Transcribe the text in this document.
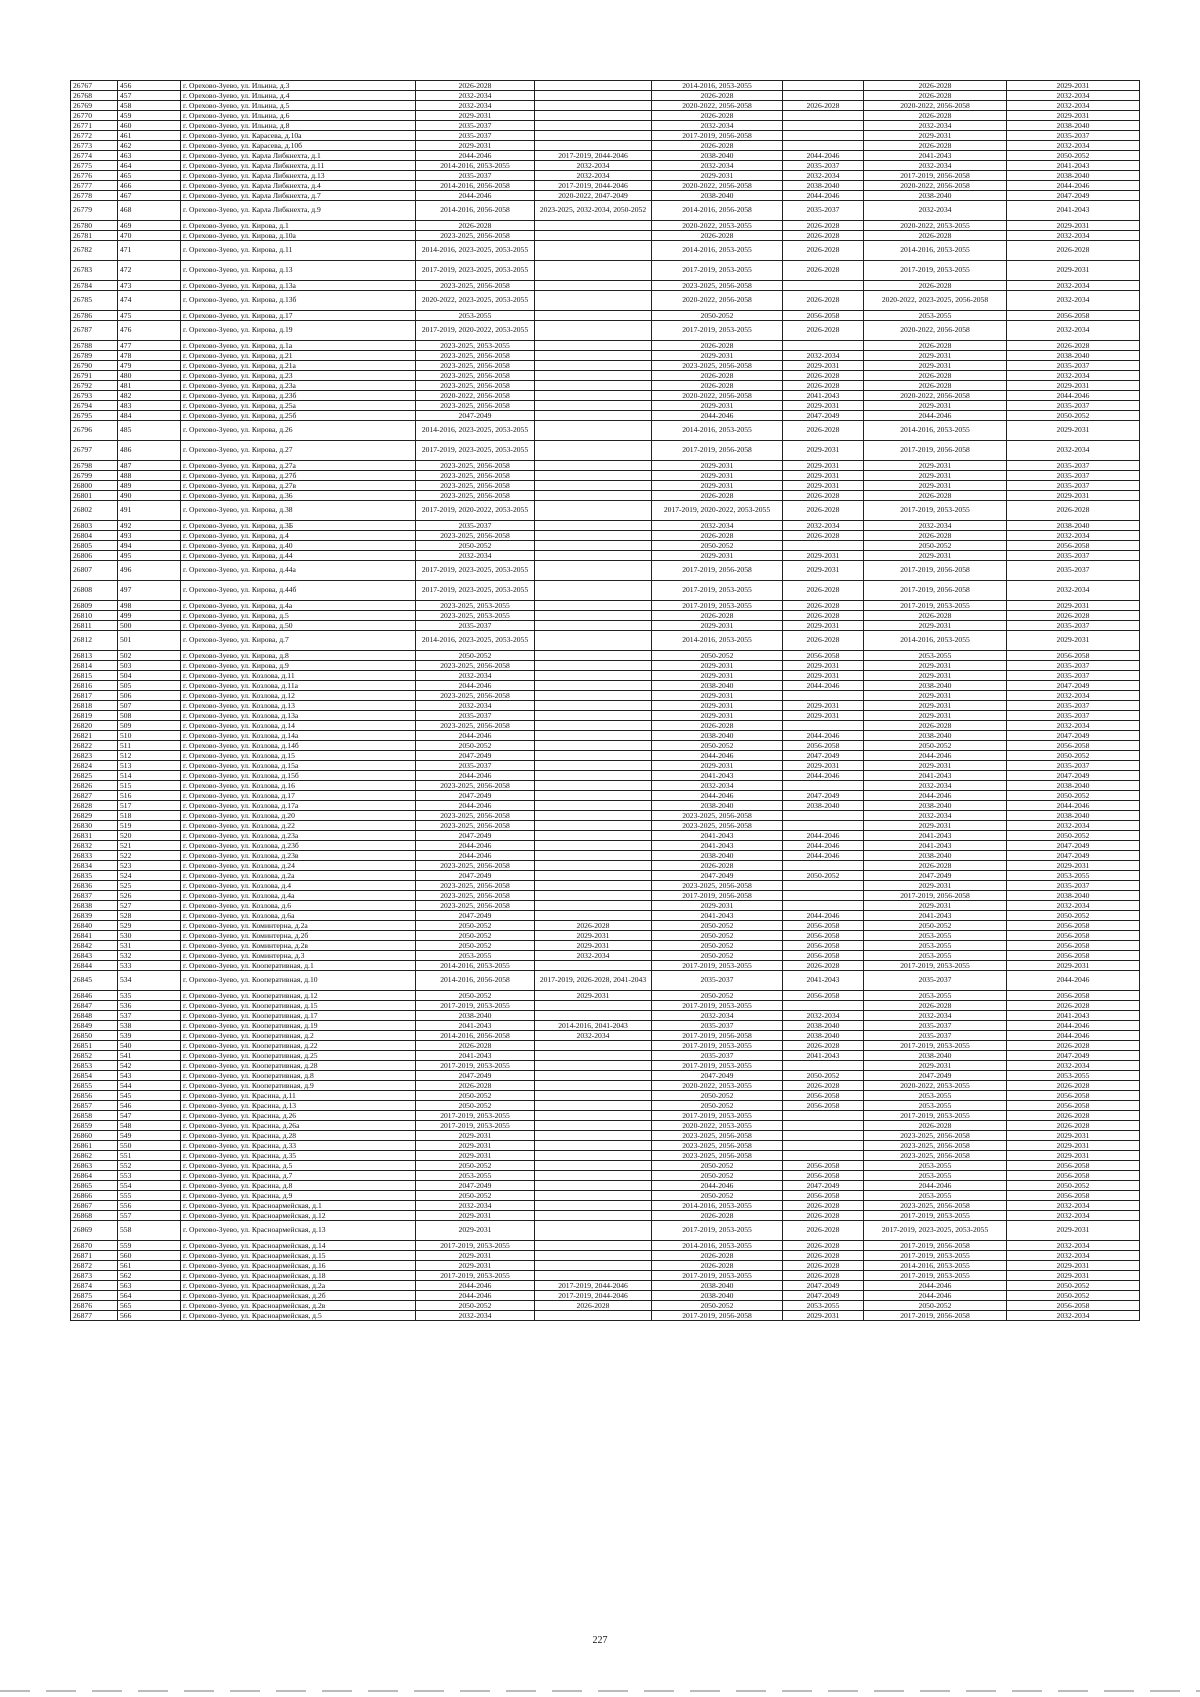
26767	456	г. Орехово-Зуево, ул. Ильина, д.3	2026-2028		2014-2016, 2053-2055		2026-2028	2029-2031
26768	457	г. Орехово-Зуево, ул. Ильина, д.4	2032-2034		2026-2028		2026-2028	2032-2034
26769	458	г. Орехово-Зуево, ул. Ильина, д.5	2032-2034		2020-2022, 2056-2058	2026-2028	2020-2022, 2056-2058	2032-2034
26770	459	г. Орехово-Зуево, ул. Ильина, д.6	2029-2031		2026-2028		2026-2028	2029-2031
26771	460	г. Орехово-Зуево, ул. Ильина, д.8	2035-2037		2032-2034		2032-2034	2038-2040
26772	461	г. Орехово-Зуево, ул. Карасева, д.10а	2035-2037		2017-2019, 2056-2058		2029-2031	2035-2037
26773	462	г. Орехово-Зуево, ул. Карасева, д.10б	2029-2031		2026-2028		2026-2028	2032-2034
26774	463	г. Орехово-Зуево, ул. Карла Либкнехта, д.1	2044-2046	2017-2019, 2044-2046	2038-2040	2044-2046	2041-2043	2050-2052
26775	464	г. Орехово-Зуево, ул. Карла Либкнехта, д.11	2014-2016, 2053-2055	2032-2034	2032-2034	2035-2037	2032-2034	2041-2043
26776	465	г. Орехово-Зуево, ул. Карла Либкнехта, д.13	2035-2037	2032-2034	2029-2031	2032-2034	2017-2019, 2056-2058	2038-2040
26777	466	г. Орехово-Зуево, ул. Карла Либкнехта, д.4	2014-2016, 2056-2058	2017-2019, 2044-2046	2020-2022, 2056-2058	2038-2040	2020-2022, 2056-2058	2044-2046
26778	467	г. Орехово-Зуево, ул. Карла Либкнехта, д.7	2044-2046	2020-2022, 2047-2049	2038-2040	2044-2046	2038-2040	2047-2049
26779	468	г. Орехово-Зуево, ул. Карла Либкнехта, д.9	2014-2016, 2056-2058	2023-2025, 2032-2034, 2050-2052	2014-2016, 2056-2058	2035-2037	2032-2034	2041-2043
26780	469	г. Орехово-Зуево, ул. Кирова, д.1	2026-2028		2020-2022, 2053-2055	2026-2028	2020-2022, 2053-2055	2029-2031
26781	470	г. Орехово-Зуево, ул. Кирова, д.10а	2023-2025, 2056-2058		2026-2028	2026-2028	2026-2028	2032-2034
26782	471	г. Орехово-Зуево, ул. Кирова, д.11	2014-2016, 2023-2025, 2053-2055		2014-2016, 2053-2055	2026-2028	2014-2016, 2053-2055	2026-2028
26783	472	г. Орехово-Зуево, ул. Кирова, д.13	2017-2019, 2023-2025, 2053-2055		2017-2019, 2053-2055	2026-2028	2017-2019, 2053-2055	2029-2031
26784	473	г. Орехово-Зуево, ул. Кирова, д.13а	2023-2025, 2056-2058		2023-2025, 2056-2058		2026-2028	2032-2034
26785	474	г. Орехово-Зуево, ул. Кирова, д.13б	2020-2022, 2023-2025, 2053-2055		2020-2022, 2056-2058	2026-2028	2020-2022, 2023-2025, 2056-2058	2032-2034
26786	475	г. Орехово-Зуево, ул. Кирова, д.17	2053-2055		2050-2052	2056-2058	2053-2055	2056-2058
26787	476	г. Орехово-Зуево, ул. Кирова, д.19	2017-2019, 2020-2022, 2053-2055		2017-2019, 2053-2055	2026-2028	2020-2022, 2056-2058	2032-2034
26788	477	г. Орехово-Зуево, ул. Кирова, д.1а	2023-2025, 2053-2055		2026-2028		2026-2028	2026-2028
26789	478	г. Орехово-Зуево, ул. Кирова, д.21	2023-2025, 2056-2058		2029-2031	2032-2034	2029-2031	2038-2040
26790	479	г. Орехово-Зуево, ул. Кирова, д.21а	2023-2025, 2056-2058		2023-2025, 2056-2058	2029-2031	2029-2031	2035-2037
26791	480	г. Орехово-Зуево, ул. Кирова, д.23	2023-2025, 2056-2058		2026-2028	2026-2028	2026-2028	2032-2034
26792	481	г. Орехово-Зуево, ул. Кирова, д.23а	2023-2025, 2056-2058		2026-2028	2026-2028	2026-2028	2029-2031
26793	482	г. Орехово-Зуево, ул. Кирова, д.23б	2020-2022, 2056-2058		2020-2022, 2056-2058	2041-2043	2020-2022, 2056-2058	2044-2046
26794	483	г. Орехово-Зуево, ул. Кирова, д.25а	2023-2025, 2056-2058		2029-2031	2029-2031	2029-2031	2035-2037
26795	484	г. Орехово-Зуево, ул. Кирова, д.25б	2047-2049		2044-2046	2047-2049	2044-2046	2050-2052
26796	485	г. Орехово-Зуево, ул. Кирова, д.26	2014-2016, 2023-2025, 2053-2055		2014-2016, 2053-2055	2026-2028	2014-2016, 2053-2055	2029-2031
26797	486	г. Орехово-Зуево, ул. Кирова, д.27	2017-2019, 2023-2025, 2053-2055		2017-2019, 2056-2058	2029-2031	2017-2019, 2056-2058	2032-2034
26798	487	г. Орехово-Зуево, ул. Кирова, д.27а	2023-2025, 2056-2058		2029-2031	2029-2031	2029-2031	2035-2037
26799	488	г. Орехово-Зуево, ул. Кирова, д.27б	2023-2025, 2056-2058		2029-2031	2029-2031	2029-2031	2035-2037
26800	489	г. Орехово-Зуево, ул. Кирова, д.27в	2023-2025, 2056-2058		2029-2031	2029-2031	2029-2031	2035-2037
26801	490	г. Орехово-Зуево, ул. Кирова, д.36	2023-2025, 2056-2058		2026-2028	2026-2028	2026-2028	2029-2031
26802	491	г. Орехово-Зуево, ул. Кирова, д.38	2017-2019, 2020-2022, 2053-2055		2017-2019, 2020-2022, 2053-2055	2026-2028	2017-2019, 2053-2055	2026-2028
26803	492	г. Орехово-Зуево, ул. Кирова, д.3Б	2035-2037		2032-2034	2032-2034	2032-2034	2038-2040
26804	493	г. Орехово-Зуево, ул. Кирова, д.4	2023-2025, 2056-2058		2026-2028	2026-2028	2026-2028	2032-2034
26805	494	г. Орехово-Зуево, ул. Кирова, д.40	2050-2052		2050-2052		2050-2052	2056-2058
26806	495	г. Орехово-Зуево, ул. Кирова, д.44	2032-2034		2029-2031	2029-2031	2029-2031	2035-2037
26807	496	г. Орехово-Зуево, ул. Кирова, д.44а	2017-2019, 2023-2025, 2053-2055		2017-2019, 2056-2058	2029-2031	2017-2019, 2056-2058	2035-2037
26808	497	г. Орехово-Зуево, ул. Кирова, д.44б	2017-2019, 2023-2025, 2053-2055		2017-2019, 2053-2055	2026-2028	2017-2019, 2056-2058	2032-2034
26809	498	г. Орехово-Зуево, ул. Кирова, д.4а	2023-2025, 2053-2055		2017-2019, 2053-2055	2026-2028	2017-2019, 2053-2055	2029-2031
26810	499	г. Орехово-Зуево, ул. Кирова, д.5	2023-2025, 2053-2055		2026-2028	2026-2028	2026-2028	2026-2028
26811	500	г. Орехово-Зуево, ул. Кирова, д.50	2035-2037		2029-2031	2029-2031	2029-2031	2035-2037
26812	501	г. Орехово-Зуево, ул. Кирова, д.7	2014-2016, 2023-2025, 2053-2055		2014-2016, 2053-2055	2026-2028	2014-2016, 2053-2055	2029-2031
26813	502	г. Орехово-Зуево, ул. Кирова, д.8	2050-2052		2050-2052	2056-2058	2053-2055	2056-2058
26814	503	г. Орехово-Зуево, ул. Кирова, д.9	2023-2025, 2056-2058		2029-2031	2029-2031	2029-2031	2035-2037
26815	504	г. Орехово-Зуево, ул. Козлова, д.11	2032-2034		2029-2031	2029-2031	2029-2031	2035-2037
26816	505	г. Орехово-Зуево, ул. Козлова, д.11а	2044-2046		2038-2040	2044-2046	2038-2040	2047-2049
26817	506	г. Орехово-Зуево, ул. Козлова, д.12	2023-2025, 2056-2058		2029-2031		2029-2031	2032-2034
26818	507	г. Орехово-Зуево, ул. Козлова, д.13	2032-2034		2029-2031	2029-2031	2029-2031	2035-2037
26819	508	г. Орехово-Зуево, ул. Козлова, д.13а	2035-2037		2029-2031	2029-2031	2029-2031	2035-2037
26820	509	г. Орехово-Зуево, ул. Козлова, д.14	2023-2025, 2056-2058		2026-2028		2026-2028	2032-2034
26821	510	г. Орехово-Зуево, ул. Козлова, д.14а	2044-2046		2038-2040	2044-2046	2038-2040	2047-2049
26822	511	г. Орехово-Зуево, ул. Козлова, д.14б	2050-2052		2050-2052	2056-2058	2050-2052	2056-2058
26823	512	г. Орехово-Зуево, ул. Козлова, д.15	2047-2049		2044-2046	2047-2049	2044-2046	2050-2052
26824	513	г. Орехово-Зуево, ул. Козлова, д.15а	2035-2037		2029-2031	2029-2031	2029-2031	2035-2037
26825	514	г. Орехово-Зуево, ул. Козлова, д.15б	2044-2046		2041-2043	2044-2046	2041-2043	2047-2049
26826	515	г. Орехово-Зуево, ул. Козлова, д.16	2023-2025, 2056-2058		2032-2034		2032-2034	2038-2040
26827	516	г. Орехово-Зуево, ул. Козлова, д.17	2047-2049		2044-2046	2047-2049	2044-2046	2050-2052
26828	517	г. Орехово-Зуево, ул. Козлова, д.17а	2044-2046		2038-2040	2038-2040	2038-2040	2044-2046
26829	518	г. Орехово-Зуево, ул. Козлова, д.20	2023-2025, 2056-2058		2023-2025, 2056-2058		2032-2034	2038-2040
26830	519	г. Орехово-Зуево, ул. Козлова, д.22	2023-2025, 2056-2058		2023-2025, 2056-2058		2029-2031	2032-2034
26831	520	г. Орехово-Зуево, ул. Козлова, д.23а	2047-2049		2041-2043	2044-2046	2041-2043	2050-2052
26832	521	г. Орехово-Зуево, ул. Козлова, д.23б	2044-2046		2041-2043	2044-2046	2041-2043	2047-2049
26833	522	г. Орехово-Зуево, ул. Козлова, д.23в	2044-2046		2038-2040	2044-2046	2038-2040	2047-2049
26834	523	г. Орехово-Зуево, ул. Козлова, д.24	2023-2025, 2056-2058		2026-2028		2026-2028	2029-2031
26835	524	г. Орехово-Зуево, ул. Козлова, д.2а	2047-2049		2047-2049	2050-2052	2047-2049	2053-2055
26836	525	г. Орехово-Зуево, ул. Козлова, д.4	2023-2025, 2056-2058		2023-2025, 2056-2058		2029-2031	2035-2037
26837	526	г. Орехово-Зуево, ул. Козлова, д.4а	2023-2025, 2056-2058		2017-2019, 2056-2058		2017-2019, 2056-2058	2038-2040
26838	527	г. Орехово-Зуево, ул. Козлова, д.6	2023-2025, 2056-2058		2029-2031		2029-2031	2032-2034
26839	528	г. Орехово-Зуево, ул. Козлова, д.6а	2047-2049		2041-2043	2044-2046	2041-2043	2050-2052
26840	529	г. Орехово-Зуево, ул. Коминтерна, д.2а	2050-2052	2026-2028	2050-2052	2056-2058	2050-2052	2056-2058
26841	530	г. Орехово-Зуево, ул. Коминтерна, д.2б	2050-2052	2029-2031	2050-2052	2056-2058	2053-2055	2056-2058
26842	531	г. Орехово-Зуево, ул. Коминтерна, д.2в	2050-2052	2029-2031	2050-2052	2056-2058	2053-2055	2056-2058
26843	532	г. Орехово-Зуево, ул. Коминтерна, д.3	2053-2055	2032-2034	2050-2052	2056-2058	2053-2055	2056-2058
26844	533	г. Орехово-Зуево, ул. Кооперативная, д.1	2014-2016, 2053-2055		2017-2019, 2053-2055	2026-2028	2017-2019, 2053-2055	2029-2031
26845	534	г. Орехово-Зуево, ул. Кооперативная, д.10	2014-2016, 2056-2058	2017-2019, 2026-2028, 2041-2043	2035-2037	2041-2043	2035-2037	2044-2046
26846	535	г. Орехово-Зуево, ул. Кооперативная, д.12	2050-2052	2029-2031	2050-2052	2056-2058	2053-2055	2056-2058
26847	536	г. Орехово-Зуево, ул. Кооперативная, д.15	2017-2019, 2053-2055		2017-2019, 2053-2055		2026-2028	2026-2028
26848	537	г. Орехово-Зуево, ул. Кооперативная, д.17	2038-2040		2032-2034	2032-2034	2032-2034	2041-2043
26849	538	г. Орехово-Зуево, ул. Кооперативная, д.19	2041-2043	2014-2016, 2041-2043	2035-2037	2038-2040	2035-2037	2044-2046
26850	539	г. Орехово-Зуево, ул. Кооперативная, д.2	2014-2016, 2056-2058	2032-2034	2017-2019, 2056-2058	2038-2040	2035-2037	2044-2046
26851	540	г. Орехово-Зуево, ул. Кооперативная, д.22	2026-2028		2017-2019, 2053-2055	2026-2028	2017-2019, 2053-2055	2026-2028
26852	541	г. Орехово-Зуево, ул. Кооперативная, д.25	2041-2043		2035-2037	2041-2043	2038-2040	2047-2049
26853	542	г. Орехово-Зуево, ул. Кооперативная, д.28	2017-2019, 2053-2055		2017-2019, 2053-2055		2029-2031	2032-2034
26854	543	г. Орехово-Зуево, ул. Кооперативная, д.8	2047-2049		2047-2049	2050-2052	2047-2049	2053-2055
26855	544	г. Орехово-Зуево, ул. Кооперативная, д.9	2026-2028		2020-2022, 2053-2055	2026-2028	2020-2022, 2053-2055	2026-2028
26856	545	г. Орехово-Зуево, ул. Красина, д.11	2050-2052		2050-2052	2056-2058	2053-2055	2056-2058
26857	546	г. Орехово-Зуево, ул. Красина, д.13	2050-2052		2050-2052	2056-2058	2053-2055	2056-2058
26858	547	г. Орехово-Зуево, ул. Красина, д.26	2017-2019, 2053-2055		2017-2019, 2053-2055		2017-2019, 2053-2055	2026-2028
26859	548	г. Орехово-Зуево, ул. Красина, д.26а	2017-2019, 2053-2055		2020-2022, 2053-2055		2026-2028	2026-2028
26860	549	г. Орехово-Зуево, ул. Красина, д.28	2029-2031		2023-2025, 2056-2058		2023-2025, 2056-2058	2029-2031
26861	550	г. Орехово-Зуево, ул. Красина, д.33	2029-2031		2023-2025, 2056-2058		2023-2025, 2056-2058	2029-2031
26862	551	г. Орехово-Зуево, ул. Красина, д.35	2029-2031		2023-2025, 2056-2058		2023-2025, 2056-2058	2029-2031
26863	552	г. Орехово-Зуево, ул. Красина, д.5	2050-2052		2050-2052	2056-2058	2053-2055	2056-2058
26864	553	г. Орехово-Зуево, ул. Красина, д.7	2053-2055		2050-2052	2056-2058	2053-2055	2056-2058
26865	554	г. Орехово-Зуево, ул. Красина, д.8	2047-2049		2044-2046	2047-2049	2044-2046	2050-2052
26866	555	г. Орехово-Зуево, ул. Красина, д.9	2050-2052		2050-2052	2056-2058	2053-2055	2056-2058
26867	556	г. Орехово-Зуево, ул. Красноармейская, д.1	2032-2034		2014-2016, 2053-2055	2026-2028	2023-2025, 2056-2058	2032-2034
26868	557	г. Орехово-Зуево, ул. Красноармейская, д.12	2029-2031		2026-2028	2026-2028	2017-2019, 2053-2055	2032-2034
26869	558	г. Орехово-Зуево, ул. Красноармейская, д.13	2029-2031		2017-2019, 2053-2055	2026-2028	2017-2019, 2023-2025, 2053-2055	2029-2031
26870	559	г. Орехово-Зуево, ул. Красноармейская, д.14	2017-2019, 2053-2055		2014-2016, 2053-2055	2026-2028	2017-2019, 2056-2058	2032-2034
26871	560	г. Орехово-Зуево, ул. Красноармейская, д.15	2029-2031		2026-2028	2026-2028	2017-2019, 2053-2055	2032-2034
26872	561	г. Орехово-Зуево, ул. Красноармейская, д.16	2029-2031		2026-2028	2026-2028	2014-2016, 2053-2055	2029-2031
26873	562	г. Орехово-Зуево, ул. Красноармейская, д.18	2017-2019, 2053-2055		2017-2019, 2053-2055	2026-2028	2017-2019, 2053-2055	2029-2031
26874	563	г. Орехово-Зуево, ул. Красноармейская, д.2а	2044-2046	2017-2019, 2044-2046	2038-2040	2047-2049	2044-2046	2050-2052
26875	564	г. Орехово-Зуево, ул. Красноармейская, д.2б	2044-2046	2017-2019, 2044-2046	2038-2040	2047-2049	2044-2046	2050-2052
26876	565	г. Орехово-Зуево, ул. Красноармейская, д.2в	2050-2052	2026-2028	2050-2052	2053-2055	2050-2052	2056-2058
26877	566	г. Орехово-Зуево, ул. Красноармейская, д.5	2032-2034		2017-2019, 2056-2058	2029-2031	2017-2019, 2056-2058	2032-2034
227
